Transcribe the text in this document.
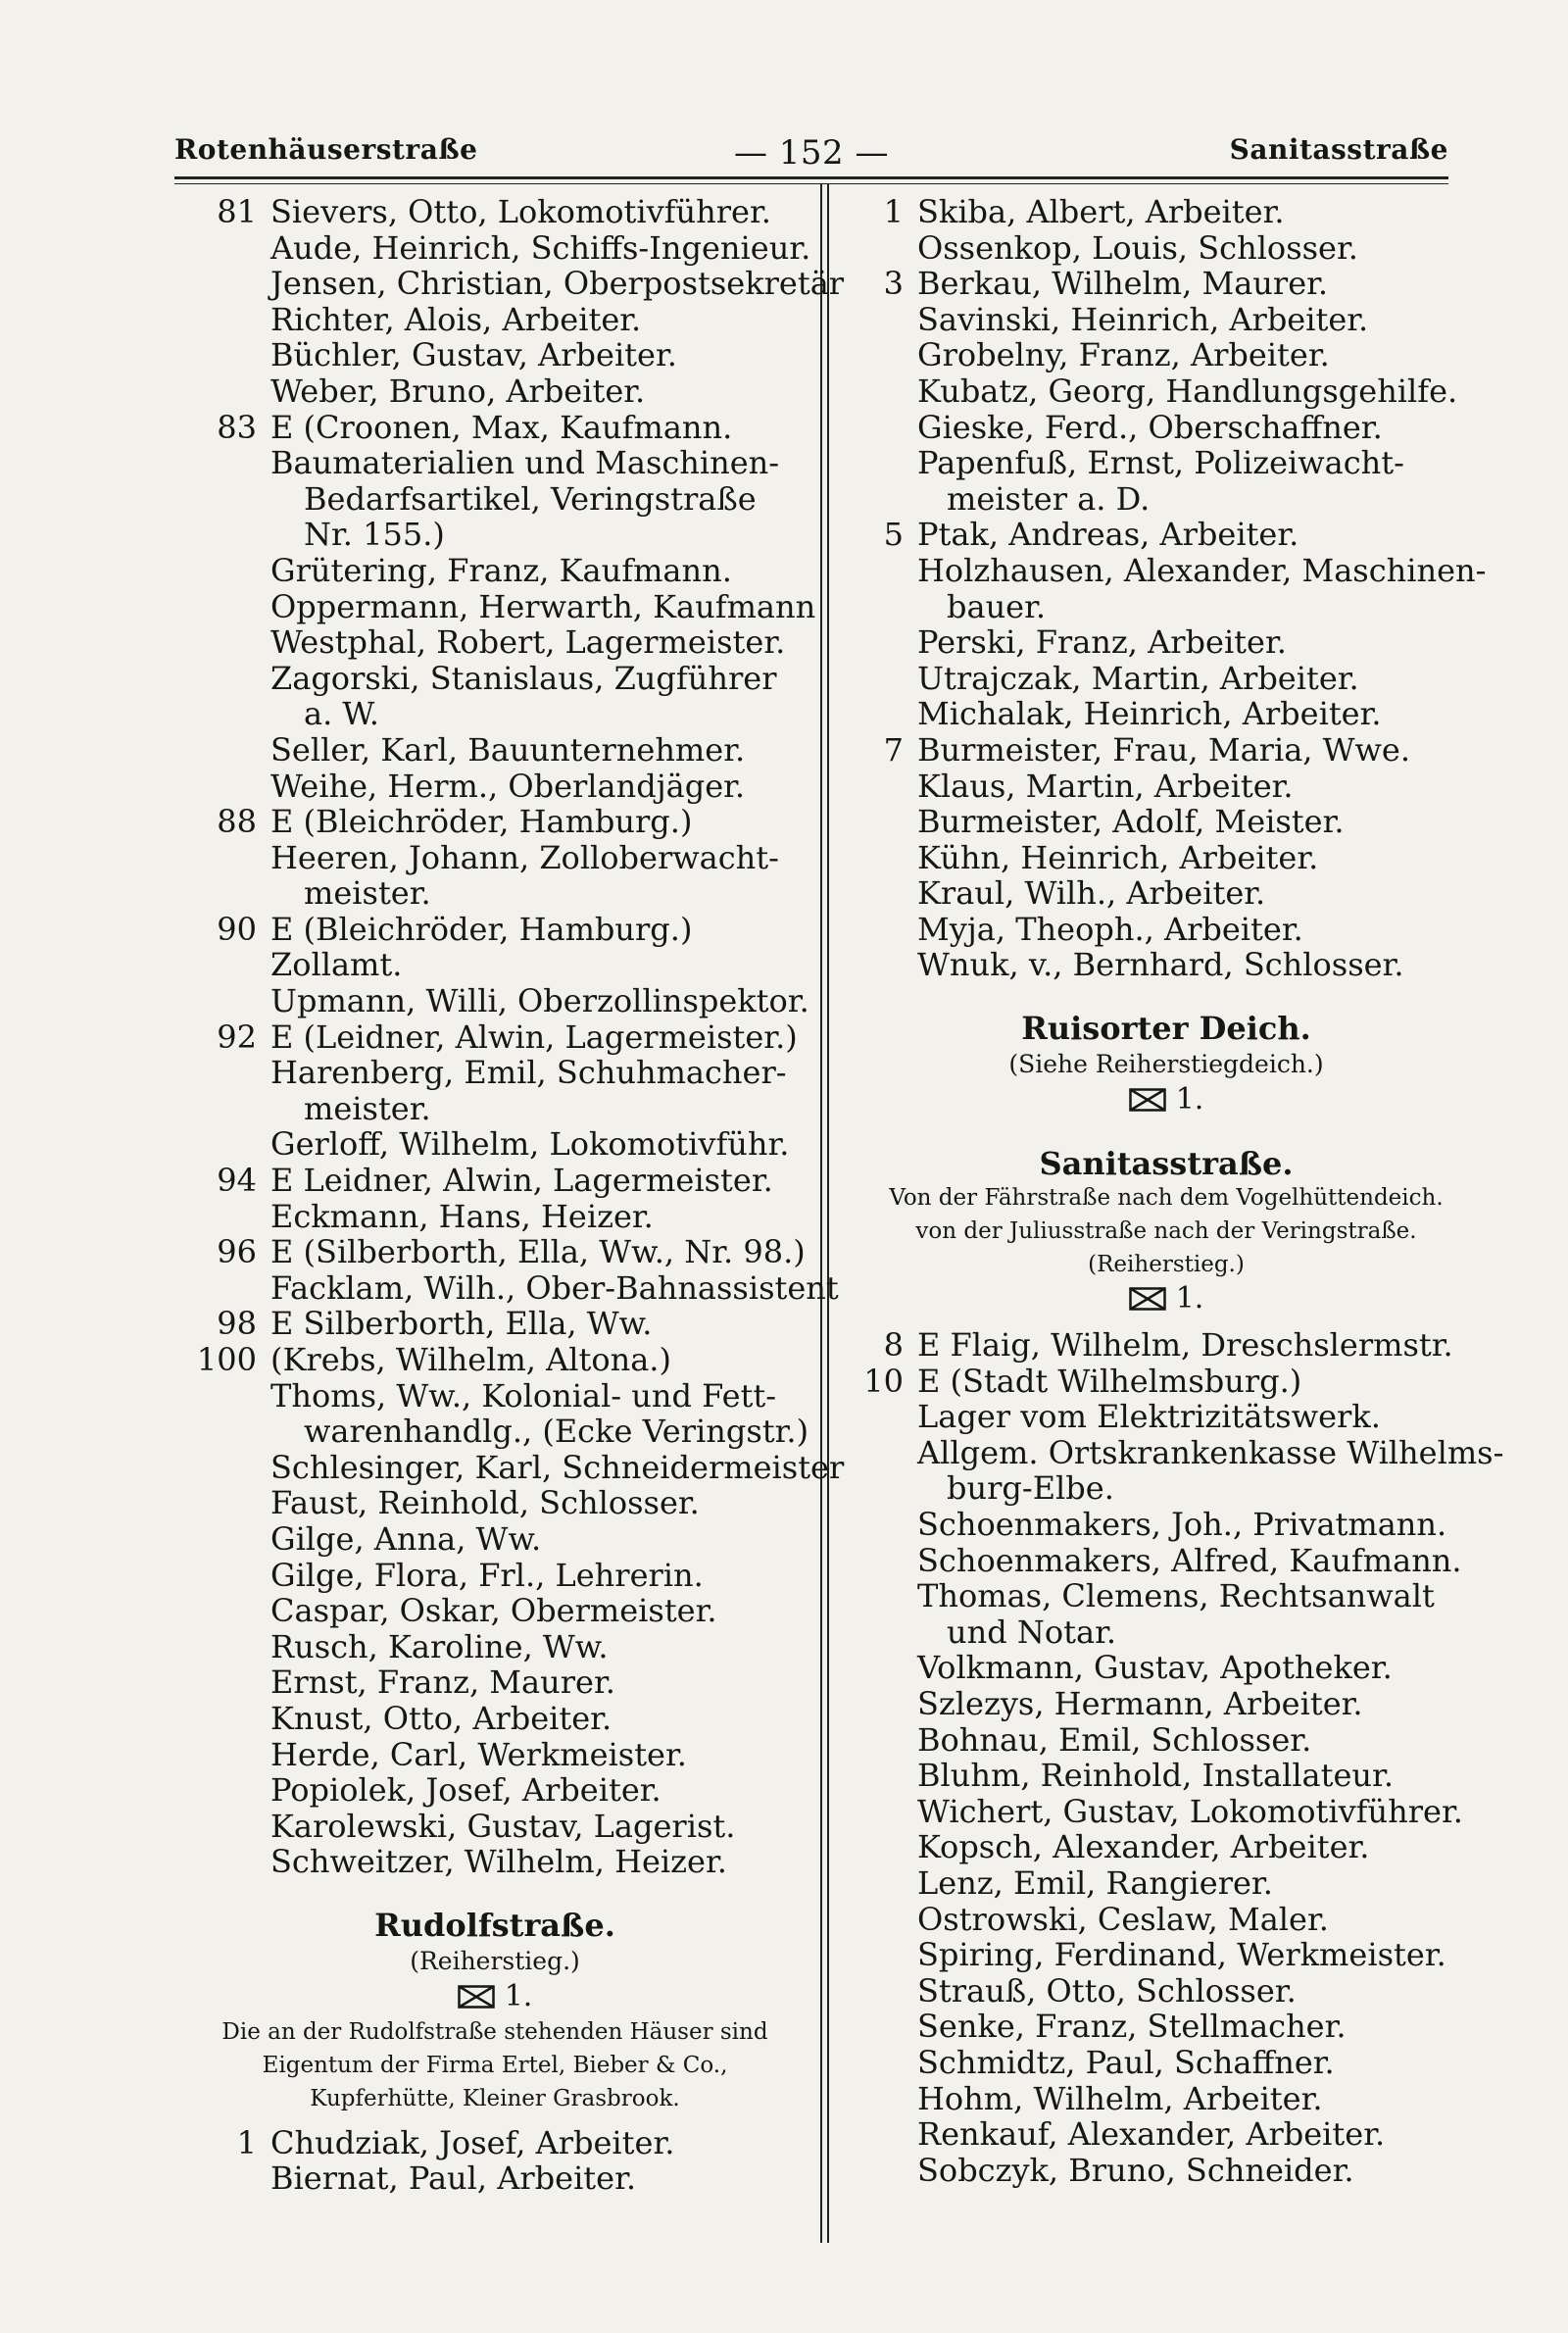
Rotenhäuserstraße	— 152 —	Sanitasstraße
81 Sievers, Otto, Lokomotivführer.
Aude, Heinrich, Schiffs-Ingenieur.
Jensen, Christian, Oberpostsekretär
Richter, Alois, Arbeiter.
Büchler, Gustav, Arbeiter.
Weber, Bruno, Arbeiter.
83 E (Croonen, Max, Kaufmann.
Baumaterialien und Maschinen-
Bedarfsartikel, Veringstraße
Nr. 155.)
Grütering, Franz, Kaufmann.
Oppermann, Herwarth, Kaufmann
Westphal, Robert, Lagermeister.
Zagorski, Stanislaus, Zugführer
a. W.
Seller, Karl, Bauunternehmer.
Weihe, Herm., Oberlandjäger.
88 E (Bleichröder, Hamburg.)
Heeren, Johann, Zolloberwacht-
meister.
90 E (Bleichröder, Hamburg.)
Zollamt.
Upmann, Willi, Oberzollinspektor.
92 E (Leidner, Alwin, Lagermeister.)
Harenberg, Emil, Schuhmacher-
meister.
Gerloff, Wilhelm, Lokomotivführ.
94 E Leidner, Alwin, Lagermeister.
Eckmann, Hans, Heizer.
96 E (Silberborth, Ella, Ww., Nr. 98.)
Facklam, Wilh., Ober-Bahnassistent
98 E Silberborth, Ella, Ww.
100 (Krebs, Wilhelm, Altona.)
Thoms, Ww., Kolonial- und Fett-
warenhandlg., (Ecke Veringstr.)
Schlesinger, Karl, Schneidermeister
Faust, Reinhold, Schlosser.
Gilge, Anna, Ww.
Gilge, Flora, Frl., Lehrerin.
Caspar, Oskar, Obermeister.
Rusch, Karoline, Ww.
Ernst, Franz, Maurer.
Knust, Otto, Arbeiter.
Herde, Carl, Werkmeister.
Popiolek, Josef, Arbeiter.
Karolewski, Gustav, Lagerist.
Schweitzer, Wilhelm, Heizer.
Rudolfstraße.
(Reiherstieg.)
1.
Die an der Rudolfstraße stehenden Häuser sind
Eigentum der Firma Ertel, Bieber & Co.,
Kupferhütte, Kleiner Grasbrook.
1 Chudziak, Josef, Arbeiter.
Biernat, Paul, Arbeiter.
1 Skiba, Albert, Arbeiter.
Ossenkop, Louis, Schlosser.
3 Berkau, Wilhelm, Maurer.
Savinski, Heinrich, Arbeiter.
Grobelny, Franz, Arbeiter.
Kubatz, Georg, Handlungsgehilfe.
Gieske, Ferd., Oberschaffner.
Papenfuß, Ernst, Polizeiwacht-
meister a. D.
5 Ptak, Andreas, Arbeiter.
Holzhausen, Alexander, Maschinen-
bauer.
Perski, Franz, Arbeiter.
Utrajczak, Martin, Arbeiter.
Michalak, Heinrich, Arbeiter.
7 Burmeister, Frau, Maria, Wwe.
Klaus, Martin, Arbeiter.
Burmeister, Adolf, Meister.
Kühn, Heinrich, Arbeiter.
Kraul, Wilh., Arbeiter.
Myja, Theoph., Arbeiter.
Wnuk, v., Bernhard, Schlosser.
Ruisorter Deich.
(Siehe Reiherstiegdeich.)
1.
Sanitasstraße.
Von der Fährstraße nach dem Vogelhüttendeich.
von der Juliusstraße nach der Veringstraße.
(Reiherstieg.)
1.
8 E Flaig, Wilhelm, Dreschslermstr.
10 E (Stadt Wilhelmsburg.)
Lager vom Elektrizitätswerk.
Allgem. Ortskrankenkasse Wilhelms-
burg-Elbe.
Schoenmakers, Joh., Privatmann.
Schoenmakers, Alfred, Kaufmann.
Thomas, Clemens, Rechtsanwalt
und Notar.
Volkmann, Gustav, Apotheker.
Szlezys, Hermann, Arbeiter.
Bohnau, Emil, Schlosser.
Bluhm, Reinhold, Installateur.
Wichert, Gustav, Lokomotivführer.
Kopsch, Alexander, Arbeiter.
Lenz, Emil, Rangierer.
Ostrowski, Ceslaw, Maler.
Spiring, Ferdinand, Werkmeister.
Strauß, Otto, Schlosser.
Senke, Franz, Stellmacher.
Schmidtz, Paul, Schaffner.
Hohm, Wilhelm, Arbeiter.
Renkauf, Alexander, Arbeiter.
Sobczyk, Bruno, Schneider.
